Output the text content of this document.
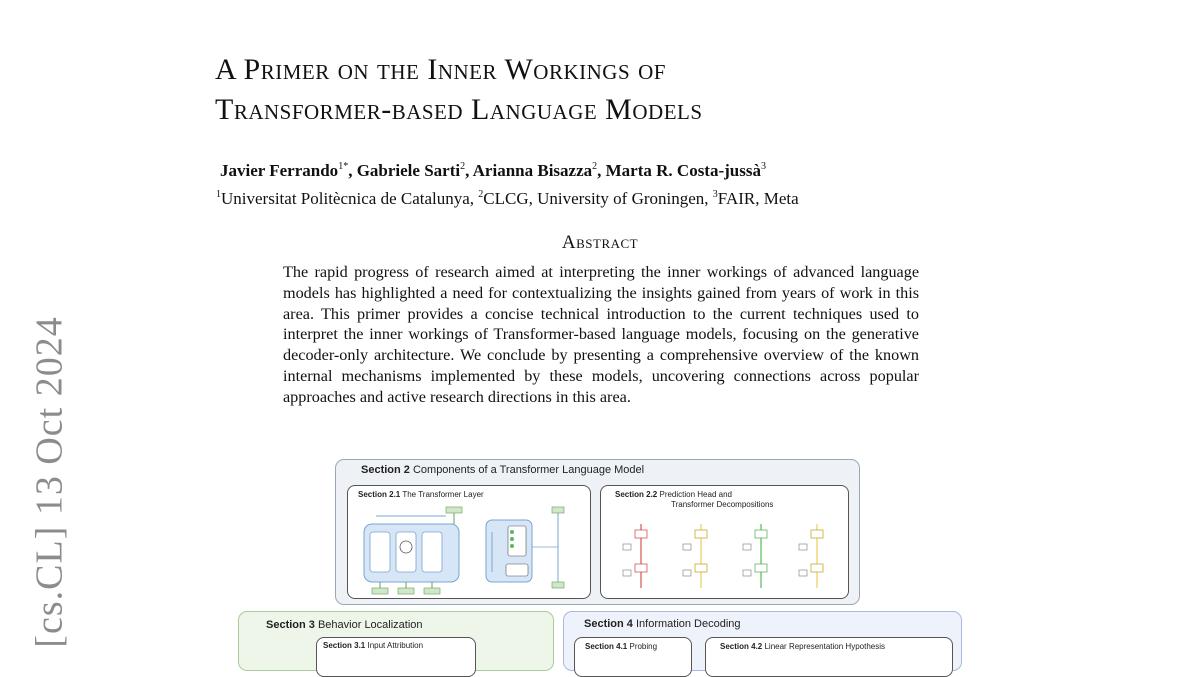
[cs.CL] 13 Oct 2024
A Primer on the Inner Workings of
Transformer-based Language Models

Javier Ferrando$^{1*}$, Gabriele Sarti$^2$, Arianna Bisazza$^2$, Marta R. Costa-jussà$^3$

$^1$Universitat Politècnica de Catalunya, $^2$CLCG, University of Groningen, $^3$FAIR, Meta

Abstract

The rapid progress of research aimed at interpreting the inner workings of advanced language models has highlighted a need for contextualizing the insights gained from years of work in this area. This primer provides a concise technical introduction to the current techniques used to interpret the inner workings of Transformer-based language models, focusing on the generative decoder-only architecture. We conclude by presenting a comprehensive overview of the known internal mechanisms implemented by these models, uncovering connections across popular approaches and active research directions in this area.

Section 2 Components of a Transformer Language Model
Section 2.1 The Transformer Layer	Section 2.2 Prediction Head and
Transformer Decompositions
Section 3 Behavior Localization
Section 3.1 Input Attribution
Section 4 Information Decoding
Section 4.1 Probing	Section 4.2 Linear Representation Hypothesis
